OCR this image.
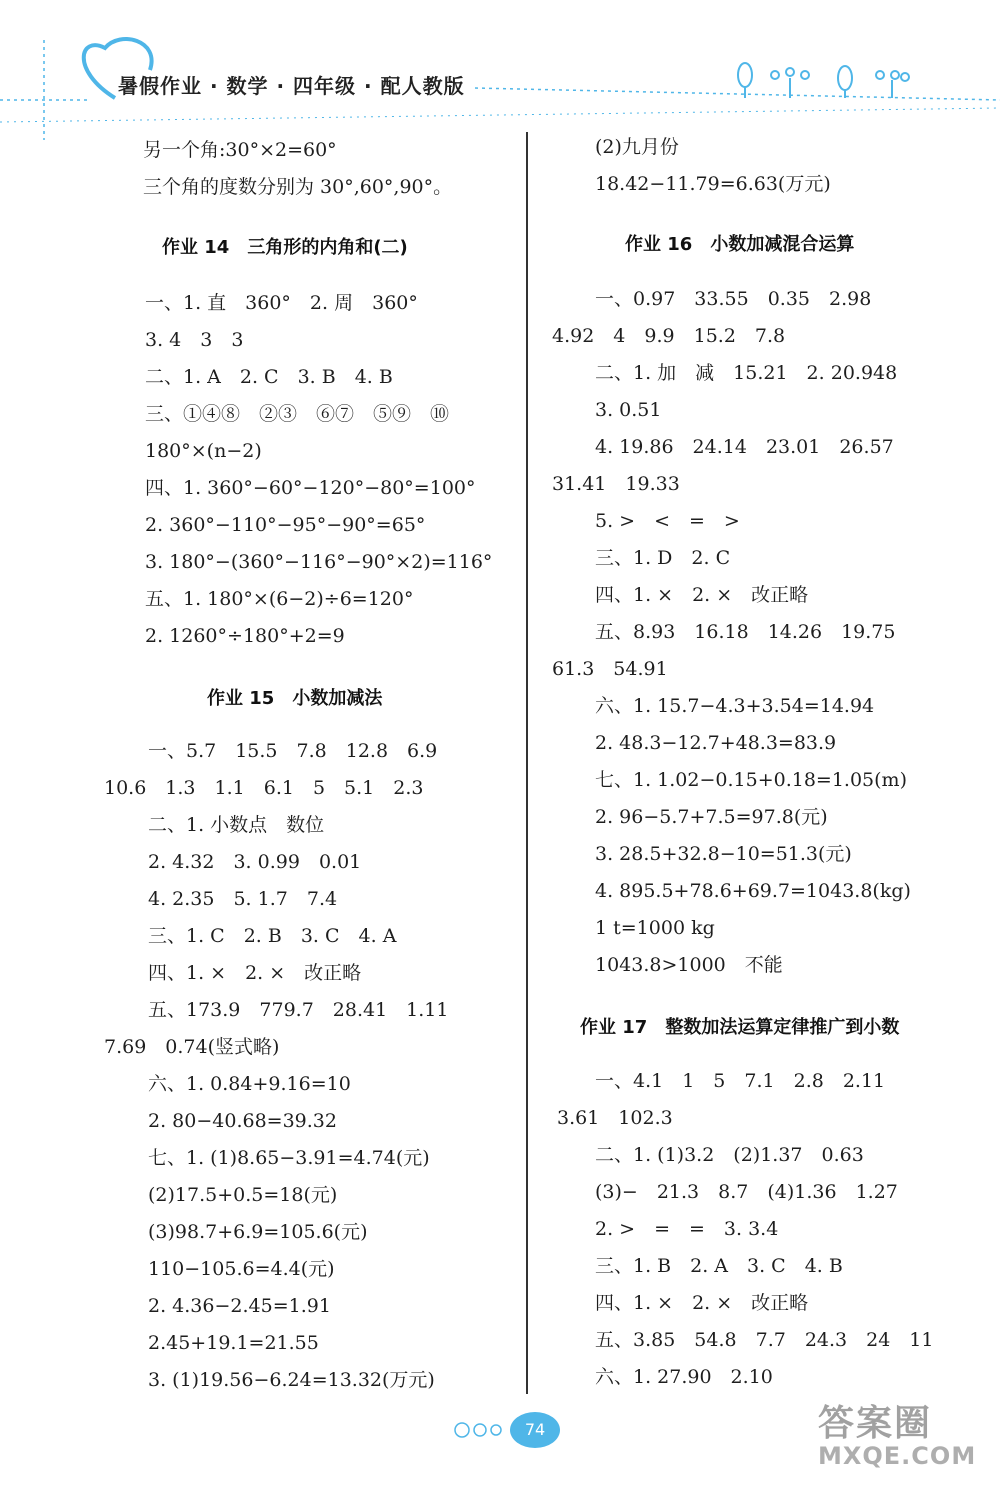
暑假作业 · 数学 · 四年级 · 配人教版
另一个角:30°×2=60°
三个角的度数分别为 30°,60°,90°。
作业 14　三角形的内角和(二)
一、1. 直　360°　2. 周　360°
3. 4　3　3
二、1. A　2. C　3. B　4. B
三、①④⑧　②③　⑥⑦　⑤⑨　⑩
180°×(n−2)
四、1. 360°−60°−120°−80°=100°
2. 360°−110°−95°−90°=65°
3. 180°−(360°−116°−90°×2)=116°
五、1. 180°×(6−2)÷6=120°
2. 1260°÷180°+2=9
作业 15　小数加减法
一、5.7　15.5　7.8　12.8　6.9
10.6　1.3　1.1　6.1　5　5.1　2.3
二、1. 小数点　数位
2. 4.32　3. 0.99　0.01
4. 2.35　5. 1.7　7.4
三、1. C　2. B　3. C　4. A
四、1. ×　2. ×　改正略
五、173.9　779.7　28.41　1.11
7.69　0.74(竖式略)
六、1. 0.84+9.16=10
2. 80−40.68=39.32
七、1. (1)8.65−3.91=4.74(元)
(2)17.5+0.5=18(元)
(3)98.7+6.9=105.6(元)
110−105.6=4.4(元)
2. 4.36−2.45=1.91
2.45+19.1=21.55
3. (1)19.56−6.24=13.32(万元)
(2)九月份
18.42−11.79=6.63(万元)
作业 16　小数加减混合运算
一、0.97　33.55　0.35　2.98
4.92　4　9.9　15.2　7.8
二、1. 加　减　15.21　2. 20.948
3. 0.51
4. 19.86　24.14　23.01　26.57
31.41　19.33
5. >　<　=　>
三、1. D　2. C
四、1. ×　2. ×　改正略
五、8.93　16.18　14.26　19.75
61.3　54.91
六、1. 15.7−4.3+3.54=14.94
2. 48.3−12.7+48.3=83.9
七、1. 1.02−0.15+0.18=1.05(m)
2. 96−5.7+7.5=97.8(元)
3. 28.5+32.8−10=51.3(元)
4. 895.5+78.6+69.7=1043.8(kg)
1 t=1000 kg
1043.8>1000　不能
作业 17　整数加法运算定律推广到小数
一、4.1　1　5　7.1　2.8　2.11
3.61　102.3
二、1. (1)3.2　(2)1.37　0.63
(3)−　21.3　8.7　(4)1.36　1.27
2. >　=　=　3. 3.4
三、1. B　2. A　3. C　4. B
四、1. ×　2. ×　改正略
五、3.85　54.8　7.7　24.3　24　11
六、1. 27.90　2.10
74	答案圈
MXQE.COM
